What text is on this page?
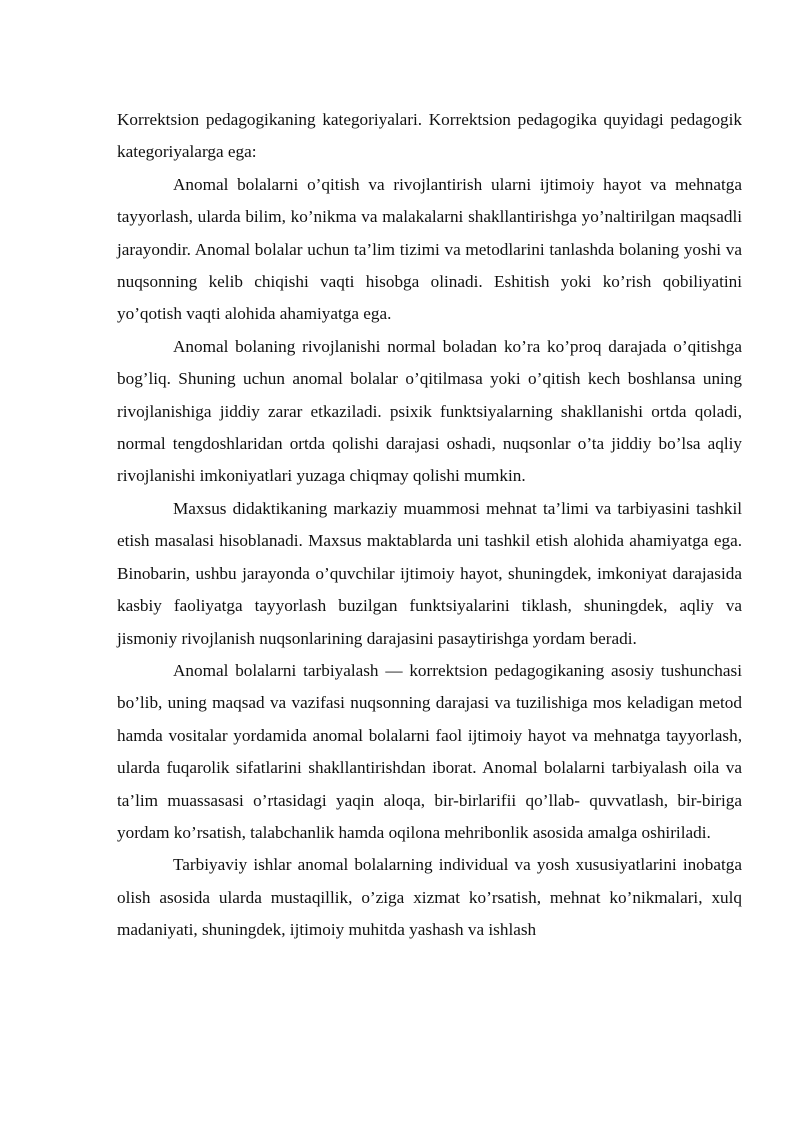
Korrektsion pedagogikaning kategoriyalari. Korrektsion pedagogika quyidagi pedagogik kategoriyalarga ega:

Anomal bolalarni o’qitish va rivojlantirish ularni ijtimoiy hayot va mehnatga tayyorlash, ularda bilim, ko’nikma va malakalarni shakllantirishga yo’naltirilgan maqsadli jarayondir. Anomal bolalar uchun ta’lim tizimi va metodlarini tanlashda bolaning yoshi va nuqsonning kelib chiqishi vaqti hisobga olinadi. Eshitish yoki ko’rish qobiliyatini yo’qotish vaqti alohida ahamiyatga ega.

Anomal bolaning rivojlanishi normal boladan ko’ra ko’proq darajada o’qitishga bog’liq. Shuning uchun anomal bolalar o’qitilmasa yoki o’qitish kech boshlansa uning rivojlanishiga jiddiy zarar etkaziladi. psixik funktsiyalarning shakllanishi ortda qoladi, normal tengdoshlaridan ortda qolishi darajasi oshadi, nuqsonlar o’ta jiddiy bo’lsa aqliy rivojlanishi imkoniyatlari yuzaga chiqmay qolishi mumkin.

Maxsus didaktikaning markaziy muammosi mehnat ta’limi va tarbiyasini tashkil etish masalasi hisoblanadi. Maxsus maktablarda uni tashkil etish alohida ahamiyatga ega. Binobarin, ushbu jarayonda o’quvchilar ijtimoiy hayot, shuningdek, imkoniyat darajasida kasbiy faoliyatga tayyorlash buzilgan funktsiyalarini tiklash, shuningdek, aqliy va jismoniy rivojlanish nuqsonlarining darajasini pasaytirishga yordam beradi.

Anomal bolalarni tarbiyalash — korrektsion pedagogikaning asosiy tushunchasi bo’lib, uning maqsad va vazifasi nuqsonning darajasi va tuzilishiga mos keladigan metod hamda vositalar yordamida anomal bolalarni faol ijtimoiy hayot va mehnatga tayyorlash, ularda fuqarolik sifatlarini shakllantirishdan iborat. Anomal bolalarni tarbiyalash oila va ta’lim muassasasi o’rtasidagi yaqin aloqa, bir-birlarifii qo’llab- quvvatlash, bir-biriga yordam ko’rsatish, talabchanlik hamda oqilona mehribonlik asosida amalga oshiriladi.

Tarbiyaviy ishlar anomal bolalarning individual va yosh xususiyatlarini inobatga olish asosida ularda mustaqillik, o’ziga xizmat ko’rsatish, mehnat ko’nikmalari, xulq madaniyati, shuningdek, ijtimoiy muhitda yashash va ishlash
